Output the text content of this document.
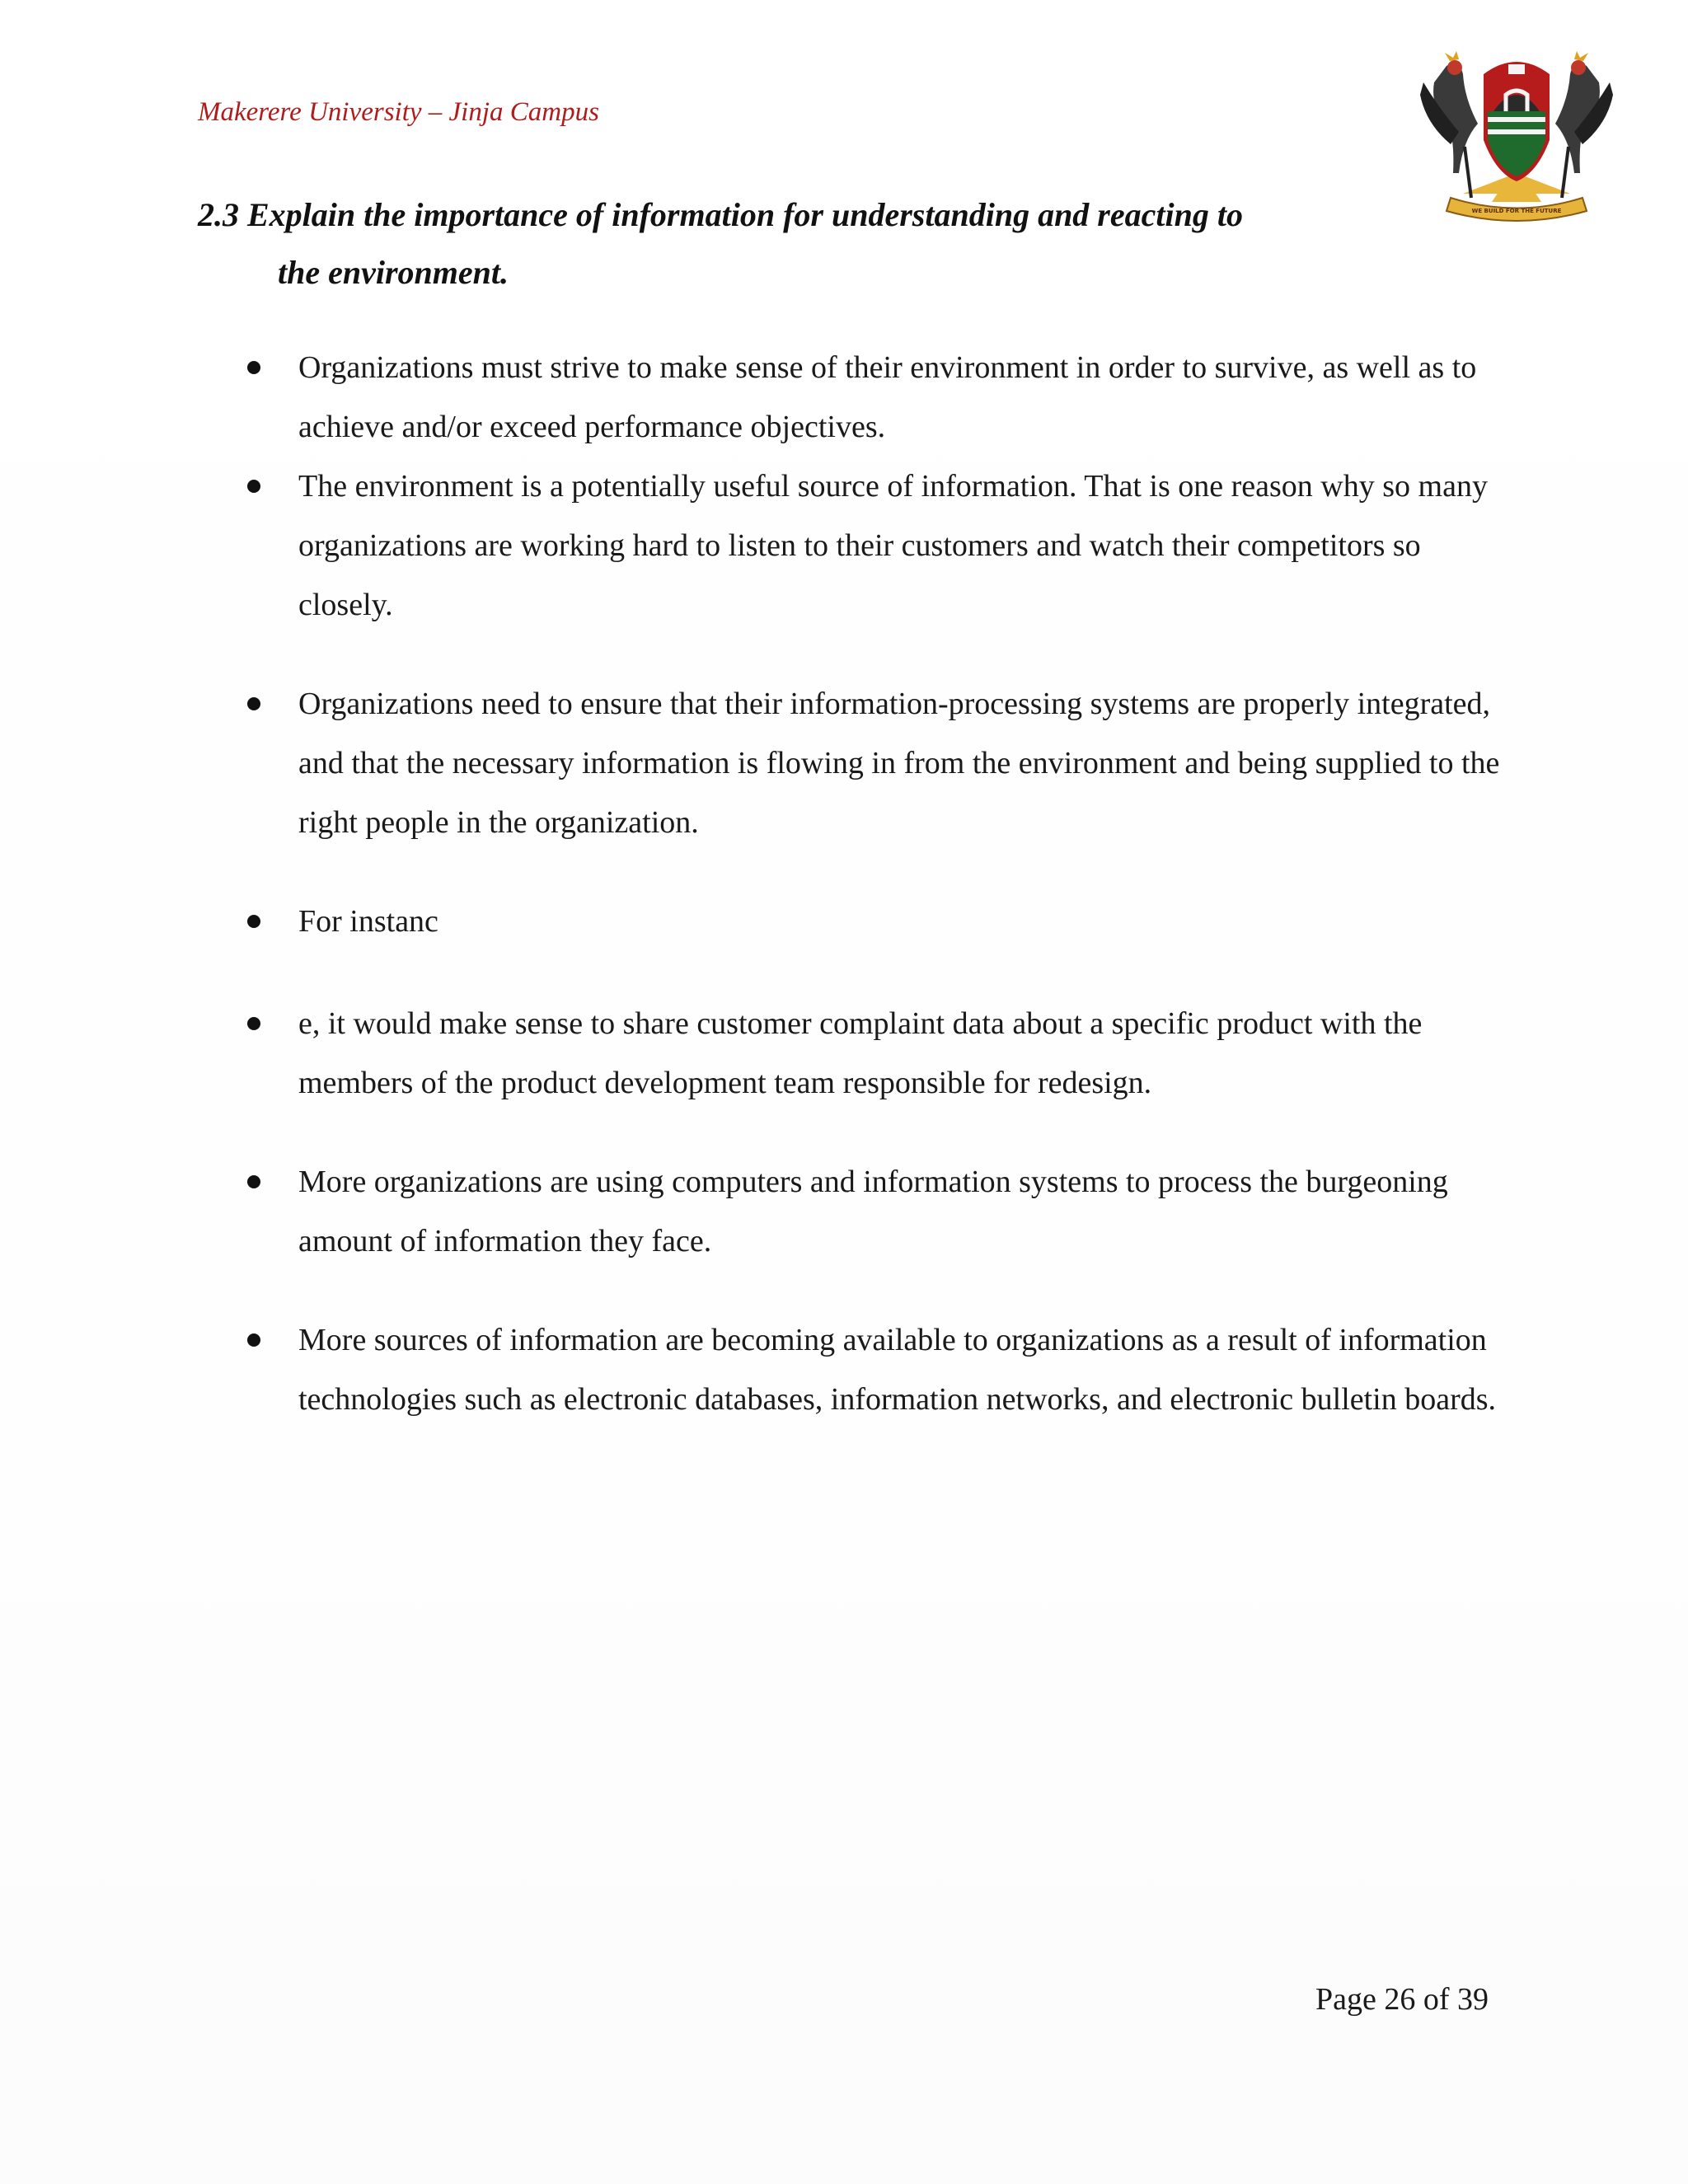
Makerere University – Jinja Campus
WE BUILD FOR THE FUTURE
2.3 Explain the importance of information for understanding and reacting to
the environment.
Organizations must strive to make sense of their environment in order to survive, as well as to achieve and/or exceed performance objectives.
The environment is a potentially useful source of information. That is one reason why so many organizations are working hard to listen to their customers and watch their competitors so closely.
Organizations need to ensure that their information-processing systems are properly integrated, and that the necessary information is flowing in from the environment and being supplied to the right people in the organization.
For instanc
e, it would make sense to share customer complaint data about a specific product with the members of the product development team responsible for redesign.
More organizations are using computers and information systems to process the burgeoning amount of information they face.
More sources of information are becoming available to organizations as a result of information technologies such as electronic databases, information networks, and electronic bulletin boards.
Page 26 of 39
